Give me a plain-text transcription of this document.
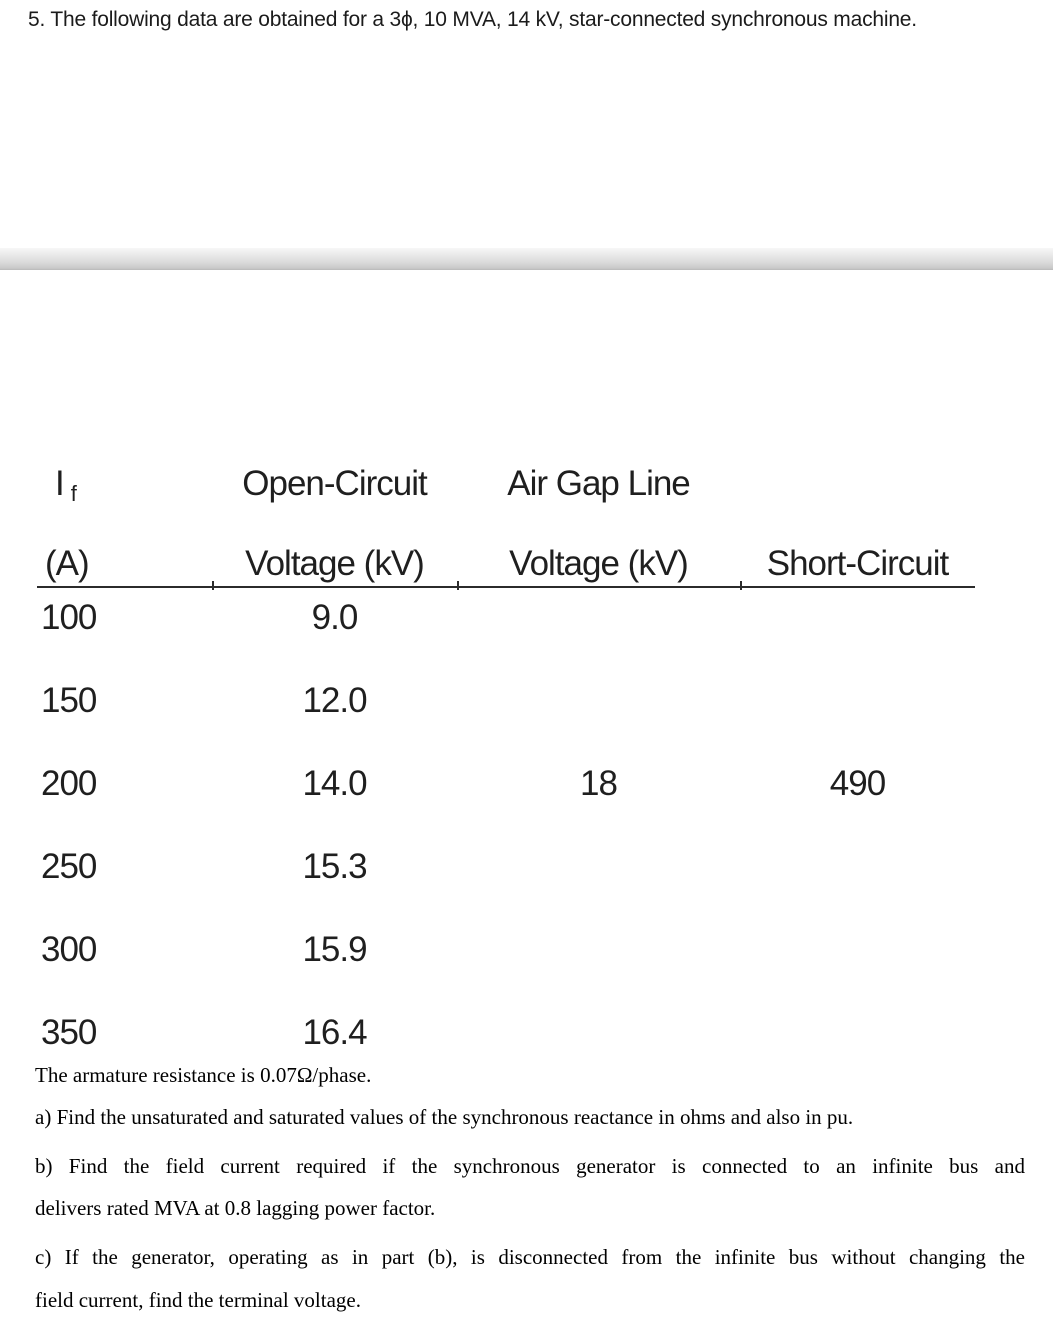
5. The following data are obtained for a 3ϕ, 10 MVA, 14 kV, star-connected synchronous machine.
If	Open-Circuit	Air Gap Line
(A)	Voltage (kV)	Voltage (kV)	Short-Circuit
100	9.0
150	12.0
200	14.0	18	490
250	15.3
300	15.9
350	16.4
The armature resistance is 0.07Ω/phase.
a) Find the unsaturated and saturated values of the synchronous reactance in ohms and also in pu.
b) Find the field current required if the synchronous generator is connected to an infinite bus and
delivers rated MVA at 0.8 lagging power factor.
c) If the generator, operating as in part (b), is disconnected from the infinite bus without changing the
field current, find the terminal voltage.
